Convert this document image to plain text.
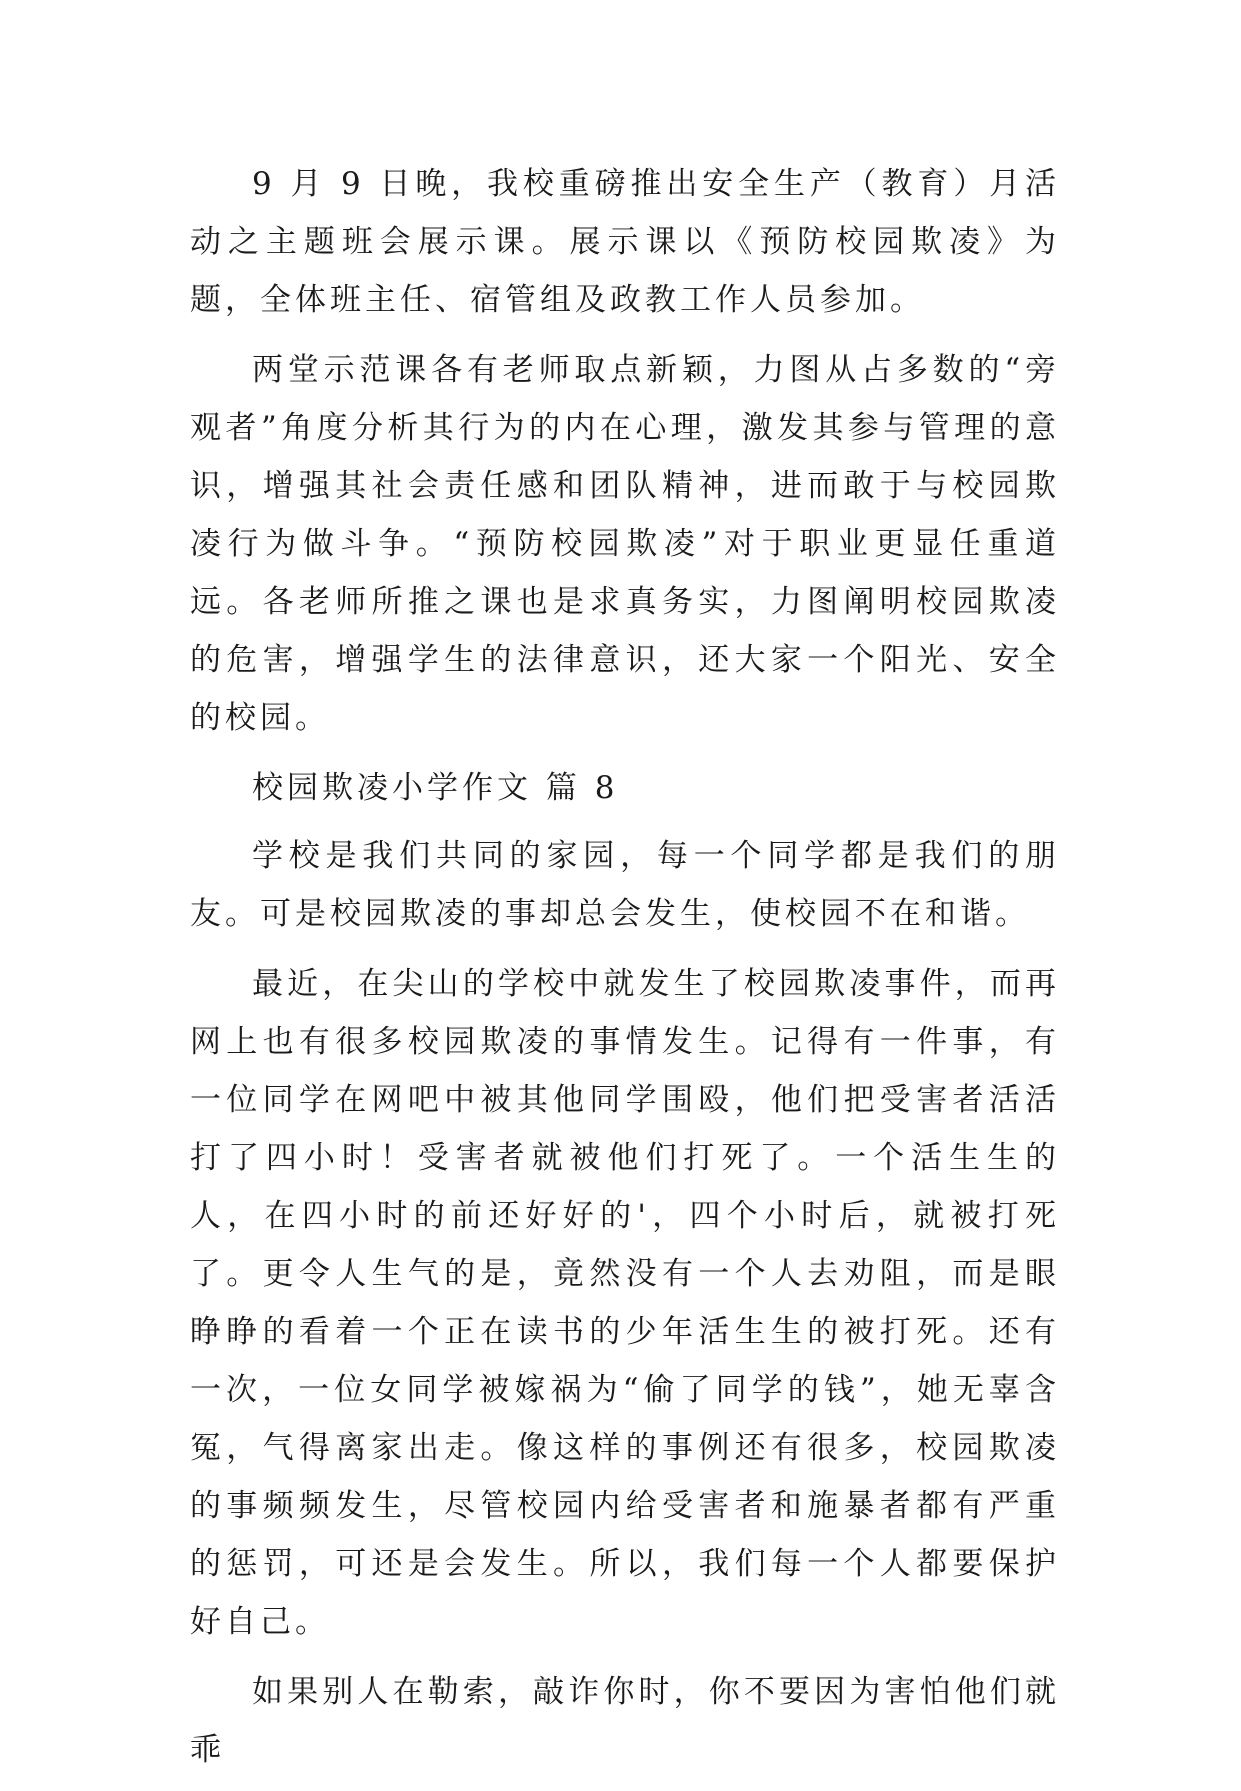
9 月 9 日晚，我校重磅推出安全生产（教育）月活动之主题班会展示课。展示课以《预防校园欺凌》为题，全体班主任、宿管组及政教工作人员参加。

两堂示范课各有老师取点新颖，力图从占多数的“旁观者”角度分析其行为的内在心理，激发其参与管理的意识，增强其社会责任感和团队精神，进而敢于与校园欺凌行为做斗争。“预防校园欺凌”对于职业更显任重道远。各老师所推之课也是求真务实，力图阐明校园欺凌的危害，增强学生的法律意识，还大家一个阳光、安全的校园。

校园欺凌小学作文 篇 8

学校是我们共同的家园，每一个同学都是我们的朋友。可是校园欺凌的事却总会发生，使校园不在和谐。

最近，在尖山的学校中就发生了校园欺凌事件，而再网上也有很多校园欺凌的事情发生。记得有一件事，有一位同学在网吧中被其他同学围殴，他们把受害者活活打了四小时！受害者就被他们打死了。一个活生生的人，在四小时的前还好好的'，四个小时后，就被打死了。更令人生气的是，竟然没有一个人去劝阻，而是眼睁睁的看着一个正在读书的少年活生生的被打死。还有一次，一位女同学被嫁祸为“偷了同学的钱”，她无辜含冤，气得离家出走。像这样的事例还有很多，校园欺凌的事频频发生，尽管校园内给受害者和施暴者都有严重的惩罚，可还是会发生。所以，我们每一个人都要保护好自己。

如果别人在勒索，敲诈你时，你不要因为害怕他们就乖
